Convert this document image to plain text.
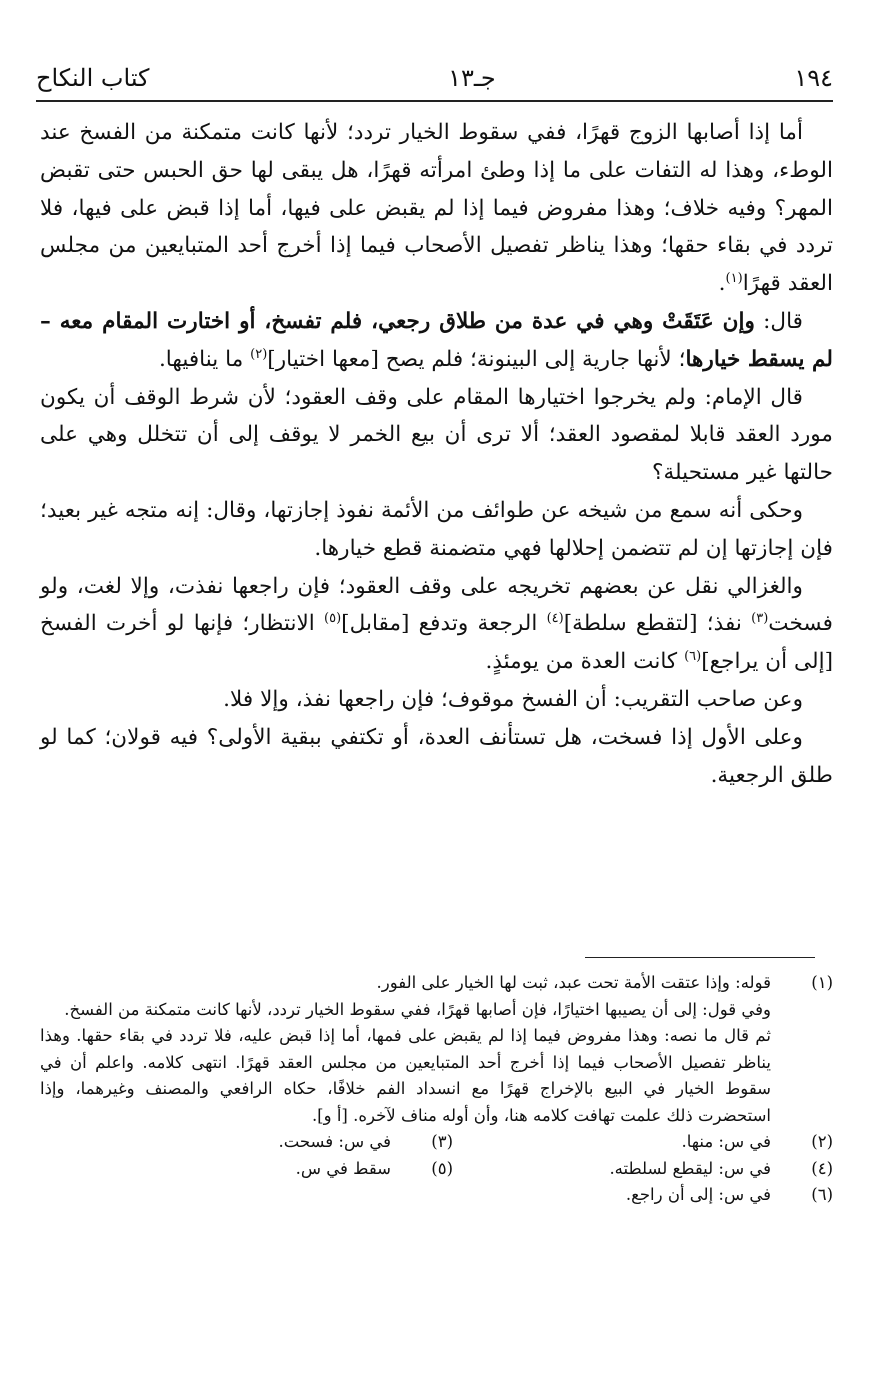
١٩٤
جـ١٣
كتاب النكاح

أما إذا أصابها الزوج قهرًا، ففي سقوط الخيار تردد؛ لأنها كانت متمكنة من الفسخ عند الوطء، وهذا له التفات على ما إذا وطئ امرأته قهرًا، هل يبقى لها حق الحبس حتى تقبض المهر؟ وفيه خلاف؛ وهذا مفروض فيما إذا لم يقبض على فيها، أما إذا قبض على فيها، فلا تردد في بقاء حقها؛ وهذا يناظر تفصيل الأصحاب فيما إذا أخرج أحد المتبايعين من مجلس العقد قهرًا$^{(١)}$.

قال: وإن عَتَقَتْ وهي في عدة من طلاق رجعي، فلم تفسخ، أو اختارت المقام معه – لم يسقط خيارها؛ لأنها جارية إلى البينونة؛ فلم يصح [معها اختيار]$^{(٢)}$ ما ينافيها.

قال الإمام: ولم يخرجوا اختيارها المقام على وقف العقود؛ لأن شرط الوقف أن يكون مورد العقد قابلا لمقصود العقد؛ ألا ترى أن بيع الخمر لا يوقف إلى أن تتخلل وهي على حالتها غير مستحيلة؟

وحكى أنه سمع من شيخه عن طوائف من الأئمة نفوذ إجازتها، وقال: إنه متجه غير بعيد؛ فإن إجازتها إن لم تتضمن إحلالها فهي متضمنة قطع خيارها.

والغزالي نقل عن بعضهم تخريجه على وقف العقود؛ فإن راجعها نفذت، وإلا لغت، ولو فسخت$^{(٣)}$ نفذ؛ [لتقطع سلطة]$^{(٤)}$ الرجعة وتدفع [مقابل]$^{(٥)}$ الانتظار؛ فإنها لو أخرت الفسخ [إلى أن يراجع]$^{(٦)}$ كانت العدة من يومئذٍ.

وعن صاحب التقريب: أن الفسخ موقوف؛ فإن راجعها نفذ، وإلا فلا.

وعلى الأول إذا فسخت، هل تستأنف العدة، أو تكتفي ببقية الأولى؟ فيه قولان؛ كما لو طلق الرجعية.

(١)
قوله: وإذا عتقت الأمة تحت عبد، ثبت لها الخيار على الفور.
وفي قول: إلى أن يصيبها اختيارًا، فإن أصابها قهرًا، ففي سقوط الخيار تردد، لأنها كانت متمكنة من الفسخ.
ثم قال ما نصه: وهذا مفروض فيما إذا لم يقبض على فمها، أما إذا قبض عليه، فلا تردد في بقاء حقها. وهذا يناظر تفصيل الأصحاب فيما إذا أخرج أحد المتبايعين من مجلس العقد قهرًا. انتهى كلامه. واعلم أن في سقوط الخيار في البيع بالإخراج قهرًا مع انسداد الفم خلافًا، حكاه الرافعي والمصنف وغيرهما، وإذا استحضرت ذلك علمت تهافت كلامه هنا، وأن أوله مناف لآخره. [أ و].
(٢)
في س: منها.
(٣)
في س: فسحت.
(٤)
في س: ليقطع لسلطته.
(٥)
سقط في س.
(٦)
في س: إلى أن راجع.
